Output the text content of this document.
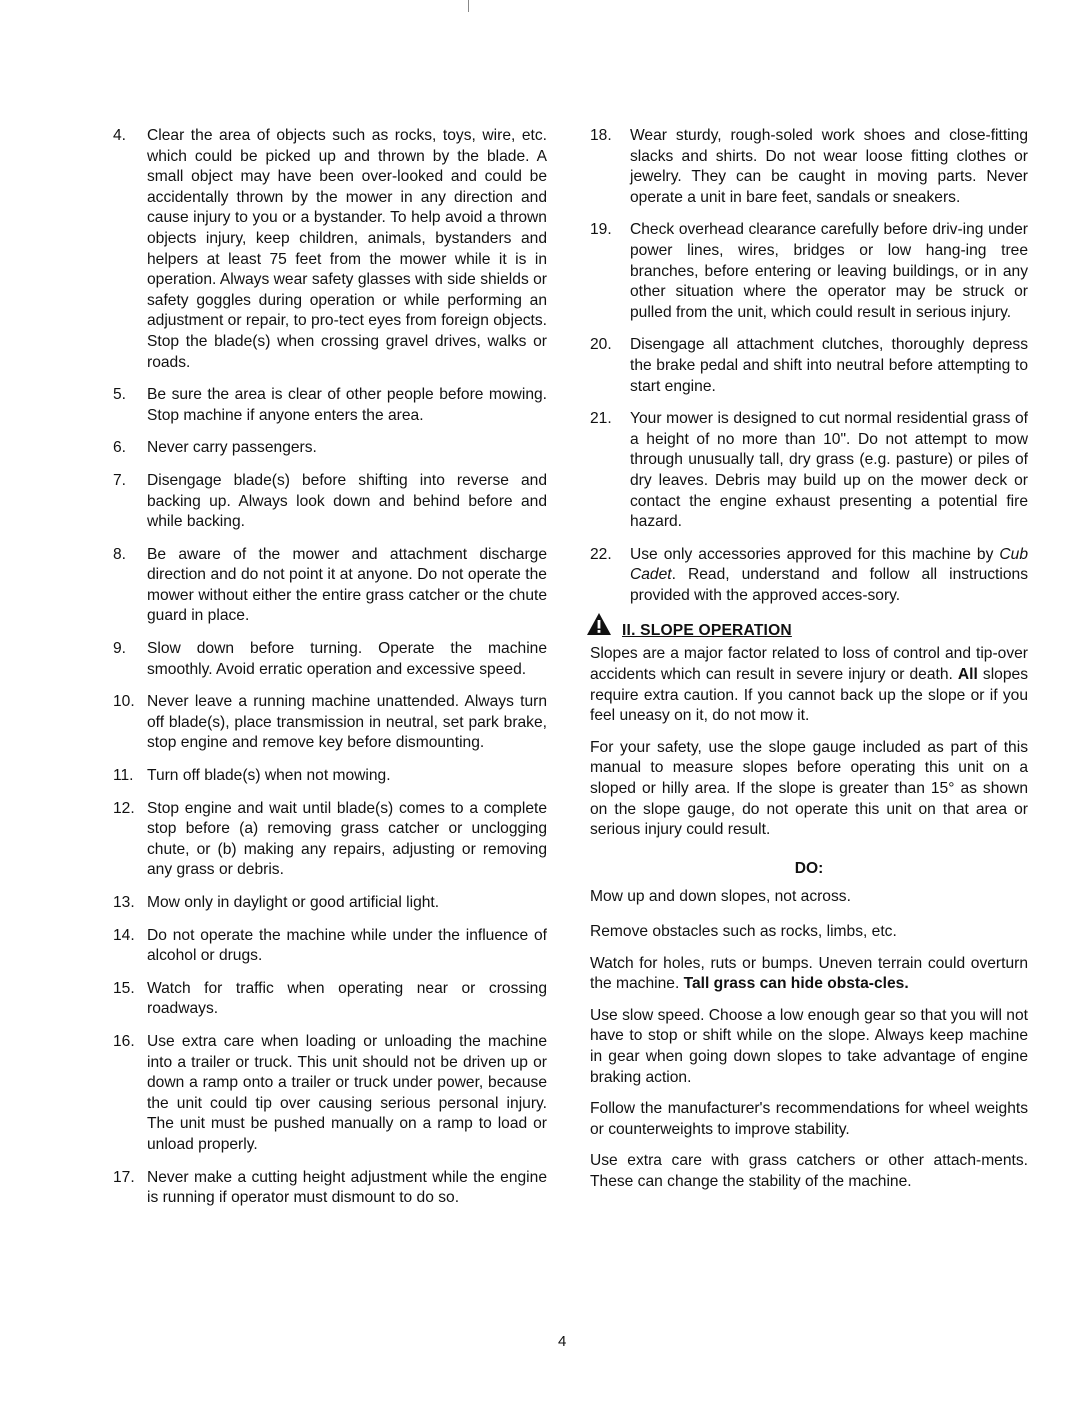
4. Clear the area of objects such as rocks, toys, wire, etc. which could be picked up and thrown by the blade. A small object may have been over-looked and could be accidentally thrown by the mower in any direction and cause injury to you or a bystander. To help avoid a thrown objects injury, keep children, animals, bystanders and helpers at least 75 feet from the mower while it is in operation. Always wear safety glasses with side shields or safety goggles during operation or while performing an adjustment or repair, to pro-tect eyes from foreign objects. Stop the blade(s) when crossing gravel drives, walks or roads.
5. Be sure the area is clear of other people before mowing. Stop machine if anyone enters the area.
6. Never carry passengers.
7. Disengage blade(s) before shifting into reverse and backing up. Always look down and behind before and while backing.
8. Be aware of the mower and attachment discharge direction and do not point it at anyone. Do not operate the mower without either the entire grass catcher or the chute guard in place.
9. Slow down before turning. Operate the machine smoothly. Avoid erratic operation and excessive speed.
10. Never leave a running machine unattended. Always turn off blade(s), place transmission in neutral, set park brake, stop engine and remove key before dismounting.
11. Turn off blade(s) when not mowing.
12. Stop engine and wait until blade(s) comes to a complete stop before (a) removing grass catcher or unclogging chute, or (b) making any repairs, adjusting or removing any grass or debris.
13. Mow only in daylight or good artificial light.
14. Do not operate the machine while under the influence of alcohol or drugs.
15. Watch for traffic when operating near or crossing roadways.
16. Use extra care when loading or unloading the machine into a trailer or truck. This unit should not be driven up or down a ramp onto a trailer or truck under power, because the unit could tip over causing serious personal injury. The unit must be pushed manually on a ramp to load or unload properly.
17. Never make a cutting height adjustment while the engine is running if operator must dismount to do so.
18. Wear sturdy, rough-soled work shoes and close-fitting slacks and shirts. Do not wear loose fitting clothes or jewelry. They can be caught in moving parts. Never operate a unit in bare feet, sandals or sneakers.
19. Check overhead clearance carefully before driv-ing under power lines, wires, bridges or low hang-ing tree branches, before entering or leaving buildings, or in any other situation where the operator may be struck or pulled from the unit, which could result in serious injury.
20. Disengage all attachment clutches, thoroughly depress the brake pedal and shift into neutral before attempting to start engine.
21. Your mower is designed to cut normal residential grass of a height of no more than 10". Do not attempt to mow through unusually tall, dry grass (e.g. pasture) or piles of dry leaves. Debris may build up on the mower deck or contact the engine exhaust presenting a potential fire hazard.
22. Use only accessories approved for this machine by Cub Cadet. Read, understand and follow all instructions provided with the approved acces-sory.
II. SLOPE OPERATION

Slopes are a major factor related to loss of control and tip-over accidents which can result in severe injury or death. All slopes require extra caution. If you cannot back up the slope or if you feel uneasy on it, do not mow it.

For your safety, use the slope gauge included as part of this manual to measure slopes before operating this unit on a sloped or hilly area. If the slope is greater than 15° as shown on the slope gauge, do not operate this unit on that area or serious injury could result.

DO:

Mow up and down slopes, not across.

Remove obstacles such as rocks, limbs, etc.

Watch for holes, ruts or bumps. Uneven terrain could overturn the machine. Tall grass can hide obsta-cles.

Use slow speed. Choose a low enough gear so that you will not have to stop or shift while on the slope. Always keep machine in gear when going down slopes to take advantage of engine braking action.

Follow the manufacturer's recommendations for wheel weights or counterweights to improve stability.

Use extra care with grass catchers or other attach-ments. These can change the stability of the machine.

4
